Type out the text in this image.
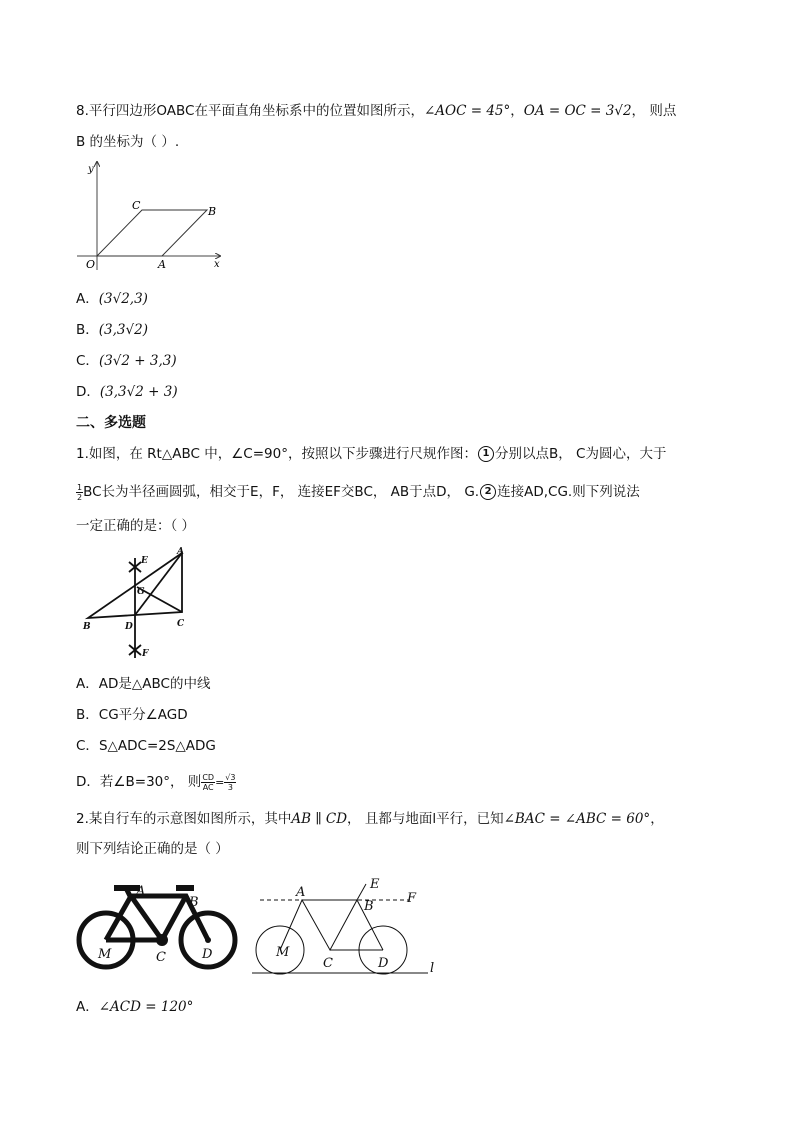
8.平行四边形OABC在平面直角坐标系中的位置如图所示，∠AOC = 45°，OA = OC = 3√2， 则点
B 的坐标为（ ）.
y
x
O	A
B
C
A．(3√2,3)
B．(3,3√2)
C．(3√2 + 3,3)
D．(3,3√2 + 3)
二、多选题
1.如图，在 Rt△ABC 中，∠C=90°，按照以下步骤进行尺规作图： 1 分别以点B， C为圆心，大于
$\frac{1}{2}$ BC长为半径画圆弧，相交于E，F， 连接EF交BC， AB于点D， G. 2 连接AD,CG.则下列说法
一定正确的是：（ ）
A
E
G
B	D	C
F
A．AD是△ABC的中线
B．CG平分∠AGD
C．S△ADC=2S△ADG
D．若∠B=30°， 则 $\frac{CD}{AC} = \frac{√3}{3}$
2.某自行车的示意图如图所示，其中AB ∥ CD， 且都与地面l平行，已知∠BAC = ∠ABC = 60°，
则下列结论正确的是（ ）
A
B
M	C	D
A
E
B
F
M
C	D	l
A．∠ACD = 120°
